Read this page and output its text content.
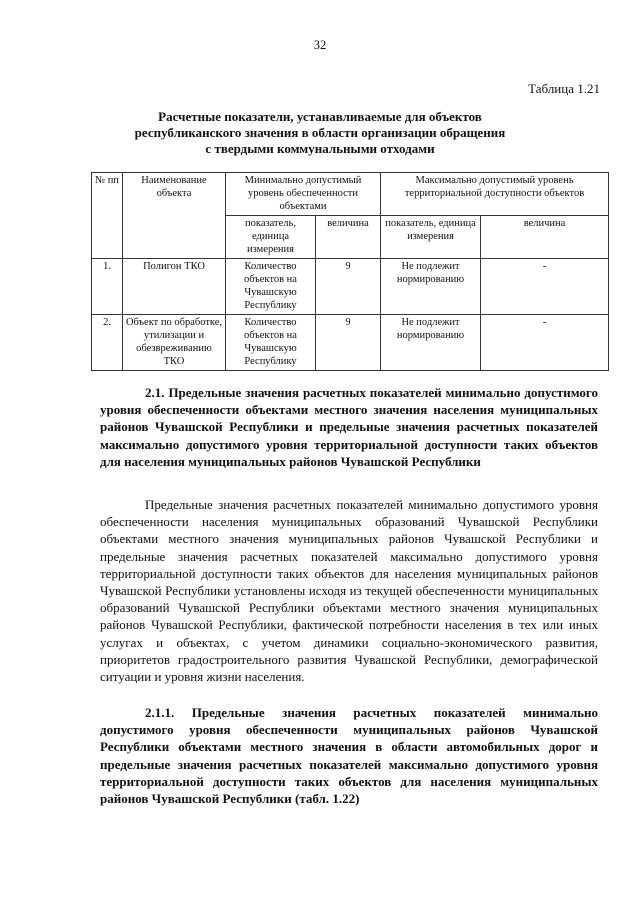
32
Таблица 1.21
Расчетные показатели, устанавливаемые для объектов
республиканского значения в области организации обращения
с твердыми коммунальными отходами
№ пп	Наименование объекта	Минимально допустимый уровень обеспеченности объектами		Максимально допустимый уровень территориальной доступности объектов	
		показатель, единица измерения	величина	показатель, единица измерения	величина
1.	Полигон ТКО	Количество объектов на Чувашскую Республику	9	Не подлежит нормированию	-
2.	Объект по обработке, утилизации и обезвреживанию ТКО	Количество объектов на Чувашскую Республику	9	Не подлежит нормированию	-
2.1. Предельные значения расчетных показателей минимально допустимого уровня обеспеченности объектами местного значения населения муниципальных районов Чувашской Республики и предельные значения расчетных показателей максимально допустимого уровня территориальной доступности таких объектов для населения муниципальных районов Чувашской Республики
Предельные значения расчетных показателей минимально допустимого уровня обеспеченности населения муниципальных образований Чувашской Республики объектами местного значения муниципальных районов Чувашской Республики и предельные значения расчетных показателей максимально допустимого уровня территориальной доступности таких объектов для населения муниципальных районов Чувашской Республики установлены исходя из текущей обеспеченности муниципальных образований Чувашской Республики объектами местного значения муниципальных районов Чувашской Республики, фактической потребности населения в тех или иных услугах и объектах, с учетом динамики социально-экономического развития, приоритетов градостроительного развития Чувашской Республики, демографической ситуации и уровня жизни населения.
2.1.1. Предельные значения расчетных показателей минимально допустимого уровня обеспеченности муниципальных районов Чувашской Республики объектами местного значения в области автомобильных дорог и предельные значения расчетных показателей максимально допустимого уровня территориальной доступности таких объектов для населения муниципальных районов Чувашской Республики (табл. 1.22)
